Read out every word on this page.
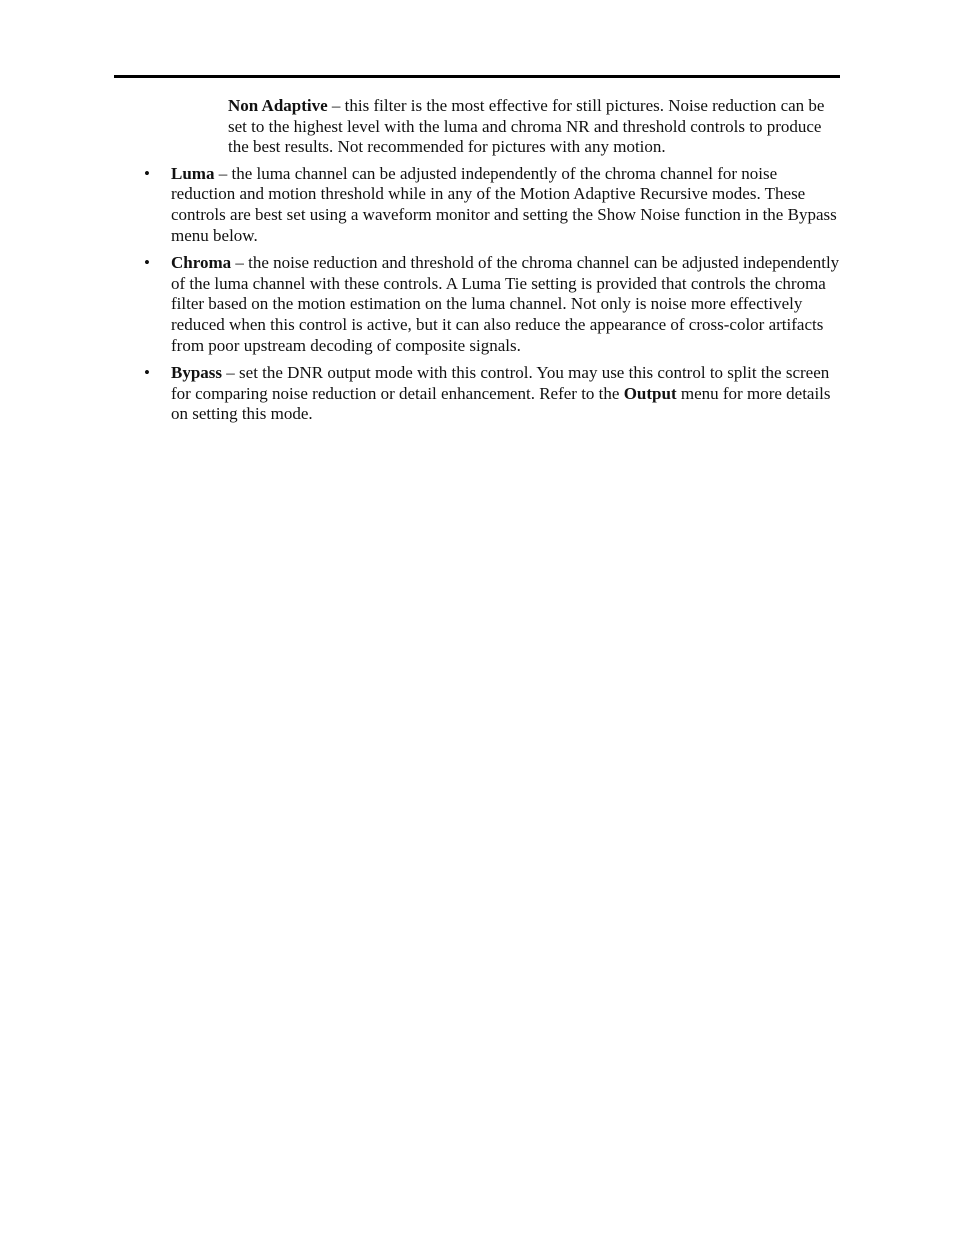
Non Adaptive – this filter is the most effective for still pictures. Noise reduction can be set to the highest level with the luma and chroma NR and threshold controls to produce the best results. Not recommended for pictures with any motion.
• Luma – the luma channel can be adjusted independently of the chroma channel for noise reduction and motion threshold while in any of the Motion Adaptive Recursive modes. These controls are best set using a waveform monitor and setting the Show Noise function in the Bypass menu below.
• Chroma – the noise reduction and threshold of the chroma channel can be adjusted independently of the luma channel with these controls. A Luma Tie setting is provided that controls the chroma filter based on the motion estimation on the luma channel. Not only is noise more effectively reduced when this control is active, but it can also reduce the appearance of cross-color artifacts from poor upstream decoding of composite signals.
• Bypass – set the DNR output mode with this control. You may use this control to split the screen for comparing noise reduction or detail enhancement. Refer to the Output menu for more details on setting this mode.
